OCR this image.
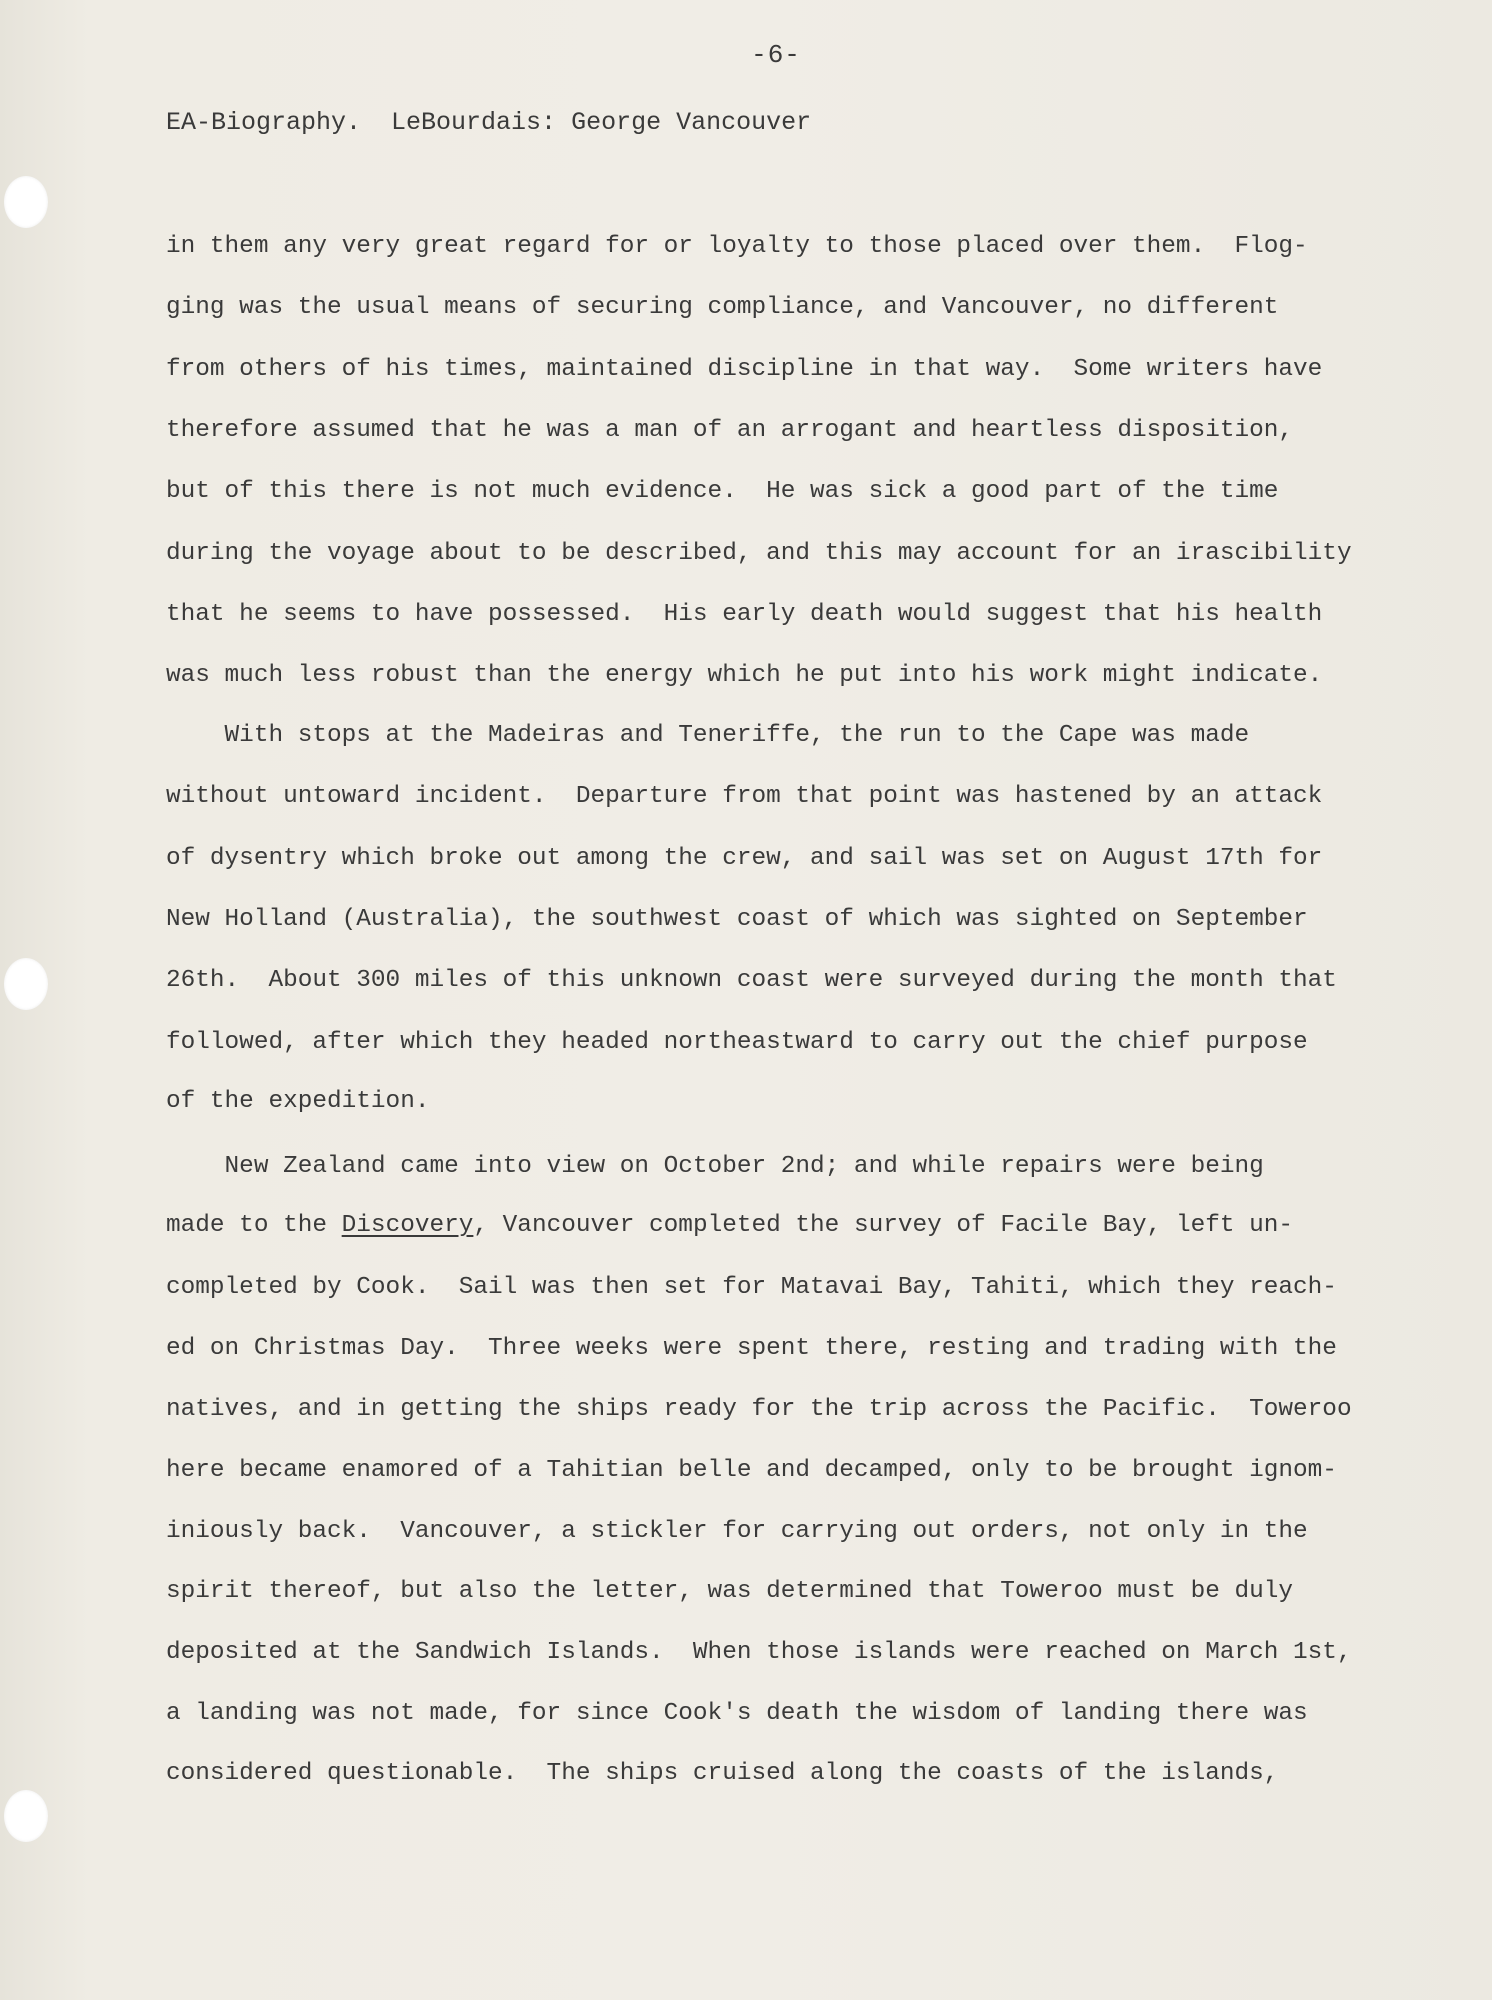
-6-
EA-Biography.  LeBourdais: George Vancouver
in them any very great regard for or loyalty to those placed over them.  Flog-
ging was the usual means of securing compliance, and Vancouver, no different
from others of his times, maintained discipline in that way.  Some writers have
therefore assumed that he was a man of an arrogant and heartless disposition,
but of this there is not much evidence.  He was sick a good part of the time
during the voyage about to be described, and this may account for an irascibility
that he seems to have possessed.  His early death would suggest that his health
was much less robust than the energy which he put into his work might indicate.
With stops at the Madeiras and Teneriffe, the run to the Cape was made
without untoward incident.  Departure from that point was hastened by an attack
of dysentry which broke out among the crew, and sail was set on August 17th for
New Holland (Australia), the southwest coast of which was sighted on September
26th.  About 300 miles of this unknown coast were surveyed during the month that
followed, after which they headed northeastward to carry out the chief purpose
of the expedition.
New Zealand came into view on October 2nd; and while repairs were being
made to the Discovery, Vancouver completed the survey of Facile Bay, left un-
completed by Cook.  Sail was then set for Matavai Bay, Tahiti, which they reach-
ed on Christmas Day.  Three weeks were spent there, resting and trading with the
natives, and in getting the ships ready for the trip across the Pacific.  Toweroo
here became enamored of a Tahitian belle and decamped, only to be brought ignom-
iniously back.  Vancouver, a stickler for carrying out orders, not only in the
spirit thereof, but also the letter, was determined that Toweroo must be duly
deposited at the Sandwich Islands.  When those islands were reached on March 1st,
a landing was not made, for since Cook's death the wisdom of landing there was
considered questionable.  The ships cruised along the coasts of the islands,
